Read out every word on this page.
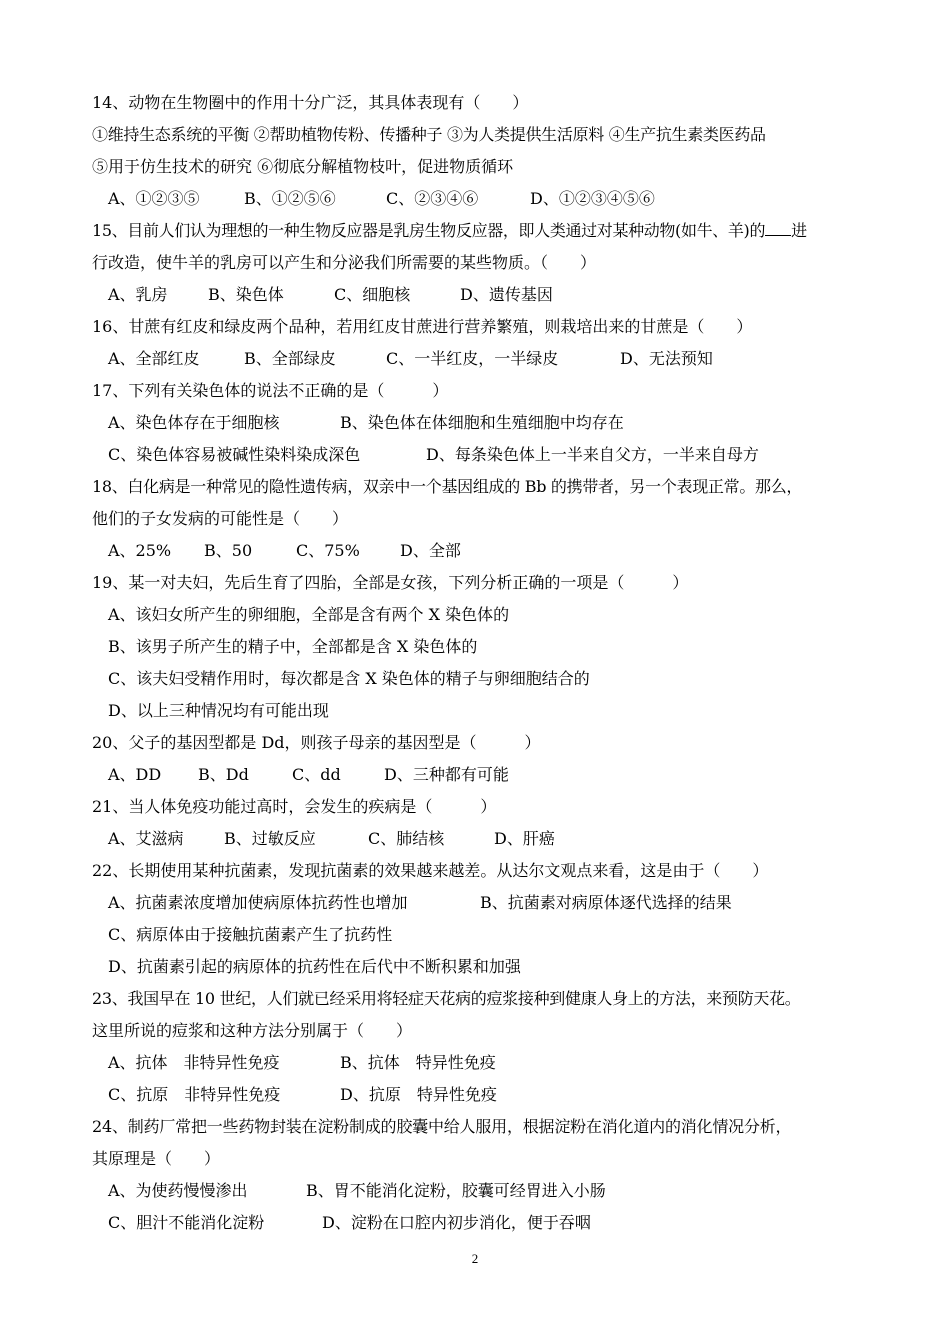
14、动物在生物圈中的作用十分广泛，其具体表现有（　　）
①维持生态系统的平衡 ②帮助植物传粉、传播种子 ③为人类提供生活原料 ④生产抗生素类医药品
⑤用于仿生技术的研究 ⑥彻底分解植物枝叶，促进物质循环
A、①②③⑤	B、①②⑤⑥	C、②③④⑥	D、①②③④⑤⑥
15、目前人们认为理想的一种生物反应器是乳房生物反应器，即人类通过对某种动物(如牛、羊)的 进
行改造，使牛羊的乳房可以产生和分泌我们所需要的某些物质。（　　）
A、乳房	B、染色体	C、细胞核	D、遗传基因
16、甘蔗有红皮和绿皮两个品种，若用红皮甘蔗进行营养繁殖，则栽培出来的甘蔗是（　　）
A、全部红皮	B、全部绿皮	C、一半红皮，一半绿皮	D、无法预知
17、下列有关染色体的说法不正确的是（　　　）
A、染色体存在于细胞核	B、染色体在体细胞和生殖细胞中均存在
C、染色体容易被碱性染料染成深色	D、每条染色体上一半来自父方，一半来自母方
18、白化病是一种常见的隐性遗传病，双亲中一个基因组成的 Bb 的携带者，另一个表现正常。那么，
他们的子女发病的可能性是（　　）
A、25% B、50	C、75%	D、全部
19、某一对夫妇，先后生育了四胎，全部是女孩，下列分析正确的一项是（　　　）
A、该妇女所产生的卵细胞，全部是含有两个 X 染色体的
B、该男子所产生的精子中，全部都是含 X 染色体的
C、该夫妇受精作用时，每次都是含 X 染色体的精子与卵细胞结合的
D、以上三种情况均有可能出现
20、父子的基因型都是 Dd，则孩子母亲的基因型是（　　　）
A、DD B、Dd	C、dd	D、三种都有可能
21、当人体免疫功能过高时，会发生的疾病是（　　　）
A、艾滋病	B、过敏反应	C、肺结核	D、肝癌
22、长期使用某种抗菌素，发现抗菌素的效果越来越差。从达尔文观点来看，这是由于（　　）
A、抗菌素浓度增加使病原体抗药性也增加	B、抗菌素对病原体逐代选择的结果
C、病原体由于接触抗菌素产生了抗药性
D、抗菌素引起的病原体的抗药性在后代中不断积累和加强
23、我国早在 10 世纪，人们就已经采用将轻症天花病的痘浆接种到健康人身上的方法，来预防天花。
这里所说的痘浆和这种方法分别属于（　　）
A、抗体　非特异性免疫	B、抗体　特异性免疫
C、抗原　非特异性免疫	D、抗原　特异性免疫
24、制药厂常把一些药物封装在淀粉制成的胶囊中给人服用，根据淀粉在消化道内的消化情况分析，
其原理是（　　）
A、为使药慢慢渗出	B、胃不能消化淀粉，胶囊可经胃进入小肠
C、胆汁不能消化淀粉	D、淀粉在口腔内初步消化，便于吞咽
2
